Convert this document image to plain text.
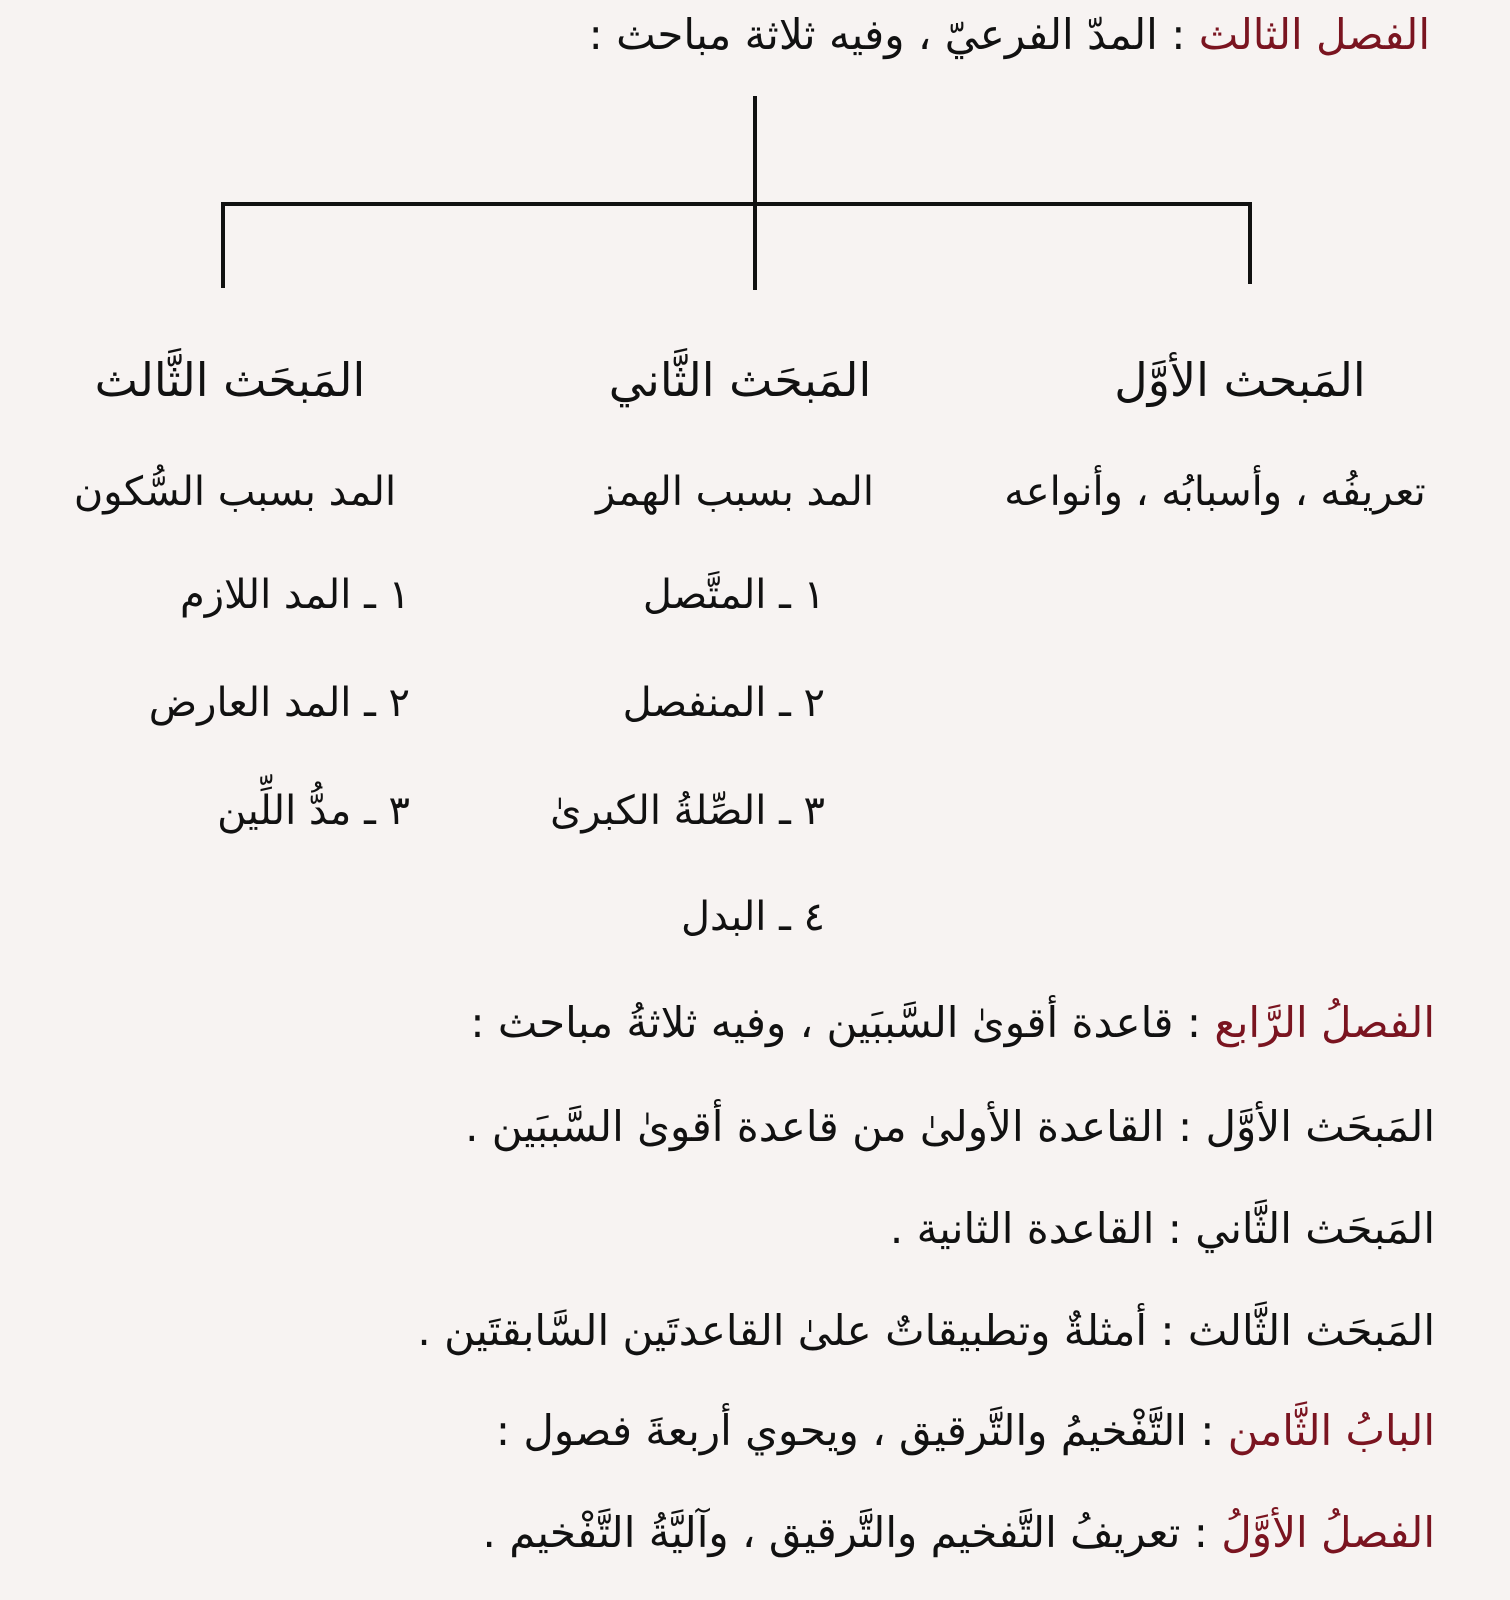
الفصل الثالث : المدّ الفرعيّ ، وفيه ثلاثة مباحث :
المَبحث الأوَّل
تعريفُه ، وأسبابُه ، وأنواعه
المَبحَث الثَّاني
المد بسبب الهمز
١ ـ المتَّصل
٢ ـ المنفصل
٣ ـ الصِّلةُ الكبرىٰ
٤ ـ البدل
المَبحَث الثَّالث
المد بسبب السُّكون
١ ـ المد اللازم
٢ ـ المد العارض
٣ ـ مدُّ اللِّين
الفصلُ الرَّابع : قاعدة أقوىٰ السَّببَين ، وفيه ثلاثةُ مباحث :
المَبحَث الأوَّل : القاعدة الأولىٰ من قاعدة أقوىٰ السَّببَين .
المَبحَث الثَّاني : القاعدة الثانية .
المَبحَث الثَّالث : أمثلةٌ وتطبيقاتٌ علىٰ القاعدتَين السَّابقتَين .
البابُ الثَّامن : التَّفْخيمُ والتَّرقيق ، ويحوي أربعةَ فصول :
الفصلُ الأوَّلُ : تعريفُ التَّفخيم والتَّرقيق ، وآليَّةُ التَّفْخيم .
